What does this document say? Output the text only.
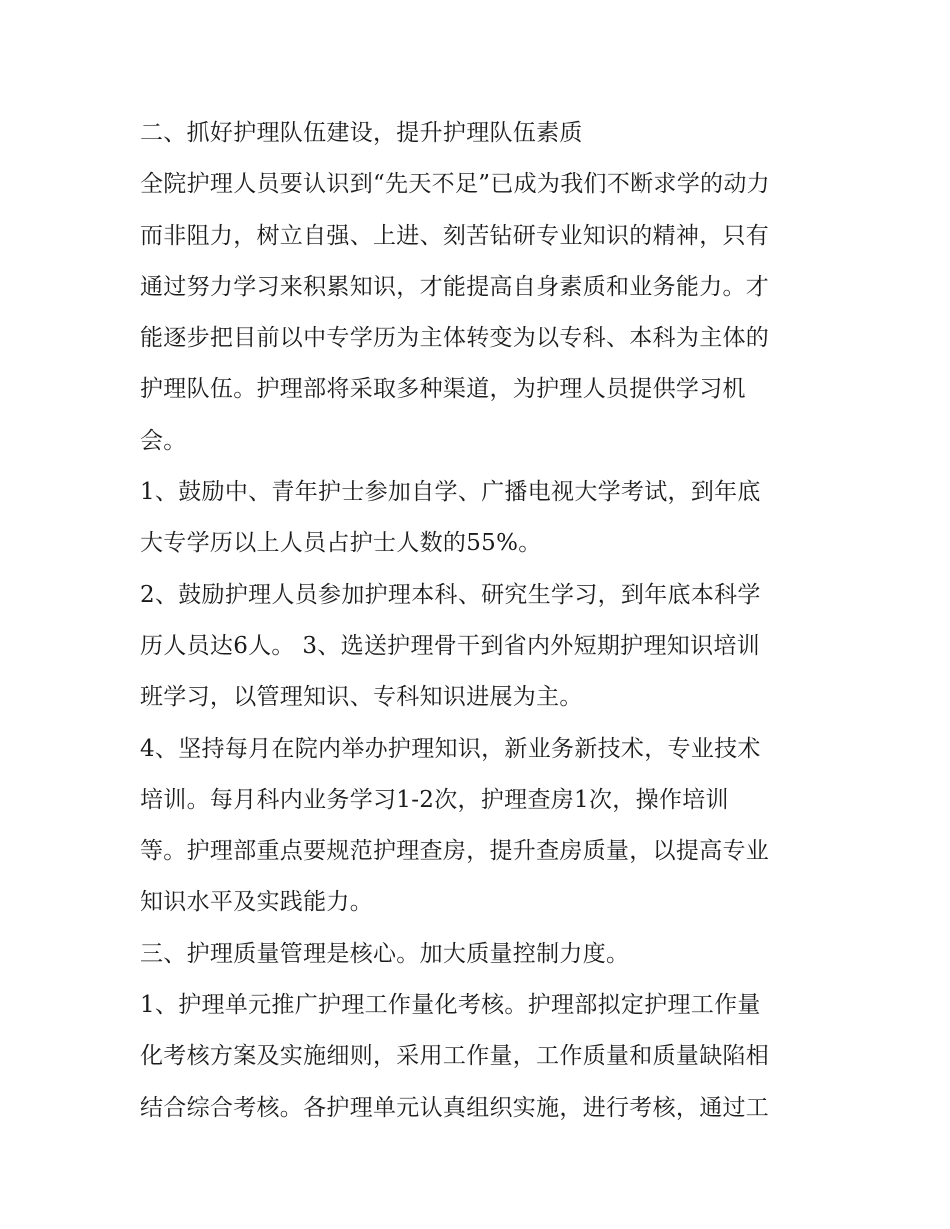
二、抓好护理队伍建设，提升护理队伍素质
全院护理人员要认识到“先天不足”已成为我们不断求学的动力
而非阻力，树立自强、上进、刻苦钻研专业知识的精神，只有
通过努力学习来积累知识，才能提高自身素质和业务能力。才
能逐步把目前以中专学历为主体转变为以专科、本科为主体的
护理队伍。护理部将采取多种渠道，为护理人员提供学习机
会。
1、鼓励中、青年护士参加自学、广播电视大学考试，到年底
大专学历以上人员占护士人数的55%。
2、鼓励护理人员参加护理本科、研究生学习，到年底本科学
历人员达6人。 3、选送护理骨干到省内外短期护理知识培训
班学习，以管理知识、专科知识进展为主。
4、坚持每月在院内举办护理知识，新业务新技术，专业技术
培训。每月科内业务学习1-2次，护理查房1次，操作培训
等。护理部重点要规范护理查房，提升查房质量，以提高专业
知识水平及实践能力。
三、护理质量管理是核心。加大质量控制力度。
1、护理单元推广护理工作量化考核。护理部拟定护理工作量
化考核方案及实施细则，采用工作量，工作质量和质量缺陷相
结合综合考核。各护理单元认真组织实施，进行考核，通过工
